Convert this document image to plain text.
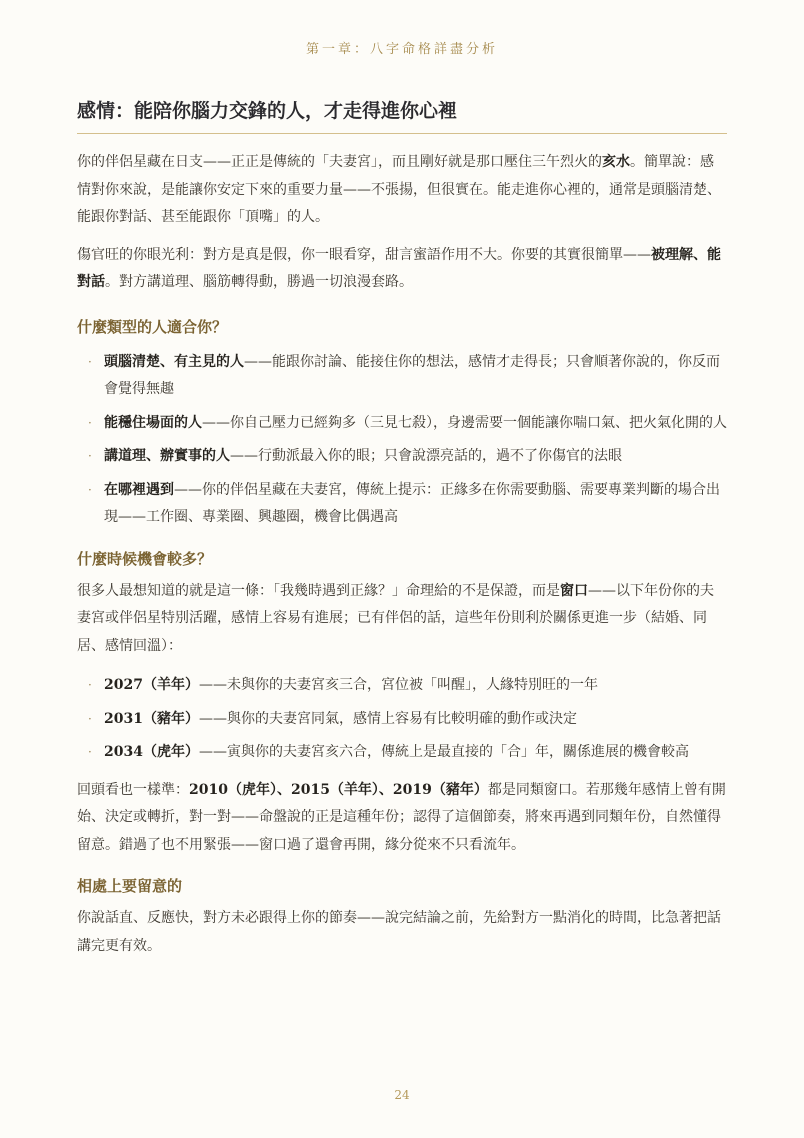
第一章：八字命格詳盡分析
感情：能陪你腦力交鋒的人，才走得進你心裡

你的伴侶星藏在日支——正正是傳統的「夫妻宮」，而且剛好就是那口壓住三午烈火的亥水。簡單說：感情對你來說，是能讓你安定下來的重要力量——不張揚，但很實在。能走進你心裡的，通常是頭腦清楚、能跟你對話、甚至能跟你「頂嘴」的人。

傷官旺的你眼光利：對方是真是假，你一眼看穿，甜言蜜語作用不大。你要的其實很簡單——被理解、能對話。對方講道理、腦筋轉得動，勝過一切浪漫套路。

什麼類型的人適合你？
· 頭腦清楚、有主見的人——能跟你討論、能接住你的想法，感情才走得長；只會順著你說的，你反而會覺得無趣
· 能穩住場面的人——你自己壓力已經夠多（三見七殺），身邊需要一個能讓你喘口氣、把火氣化開的人
· 講道理、辦實事的人——行動派最入你的眼；只會說漂亮話的，過不了你傷官的法眼
· 在哪裡遇到——你的伴侶星藏在夫妻宮，傳統上提示：正緣多在你需要動腦、需要專業判斷的場合出現——工作圈、專業圈、興趣圈，機會比偶遇高
什麼時候機會較多？

很多人最想知道的就是這一條：「我幾時遇到正緣？」命理給的不是保證，而是窗口——以下年份你的夫妻宮或伴侶星特別活躍，感情上容易有進展；已有伴侶的話，這些年份則利於關係更進一步（結婚、同居、感情回溫）：

· 2027（羊年）——未與你的夫妻宮亥三合，宮位被「叫醒」，人緣特別旺的一年
· 2031（豬年）——與你的夫妻宮同氣，感情上容易有比較明確的動作或決定
· 2034（虎年）——寅與你的夫妻宮亥六合，傳統上是最直接的「合」年，關係進展的機會較高

回頭看也一樣準：2010（虎年）、2015（羊年）、2019（豬年）都是同類窗口。若那幾年感情上曾有開始、決定或轉折，對一對——命盤說的正是這種年份；認得了這個節奏，將來再遇到同類年份，自然懂得留意。錯過了也不用緊張——窗口過了還會再開，緣分從來不只看流年。

相處上要留意的

你說話直、反應快，對方未必跟得上你的節奏——說完結論之前，先給對方一點消化的時間，比急著把話講完更有效。

24
